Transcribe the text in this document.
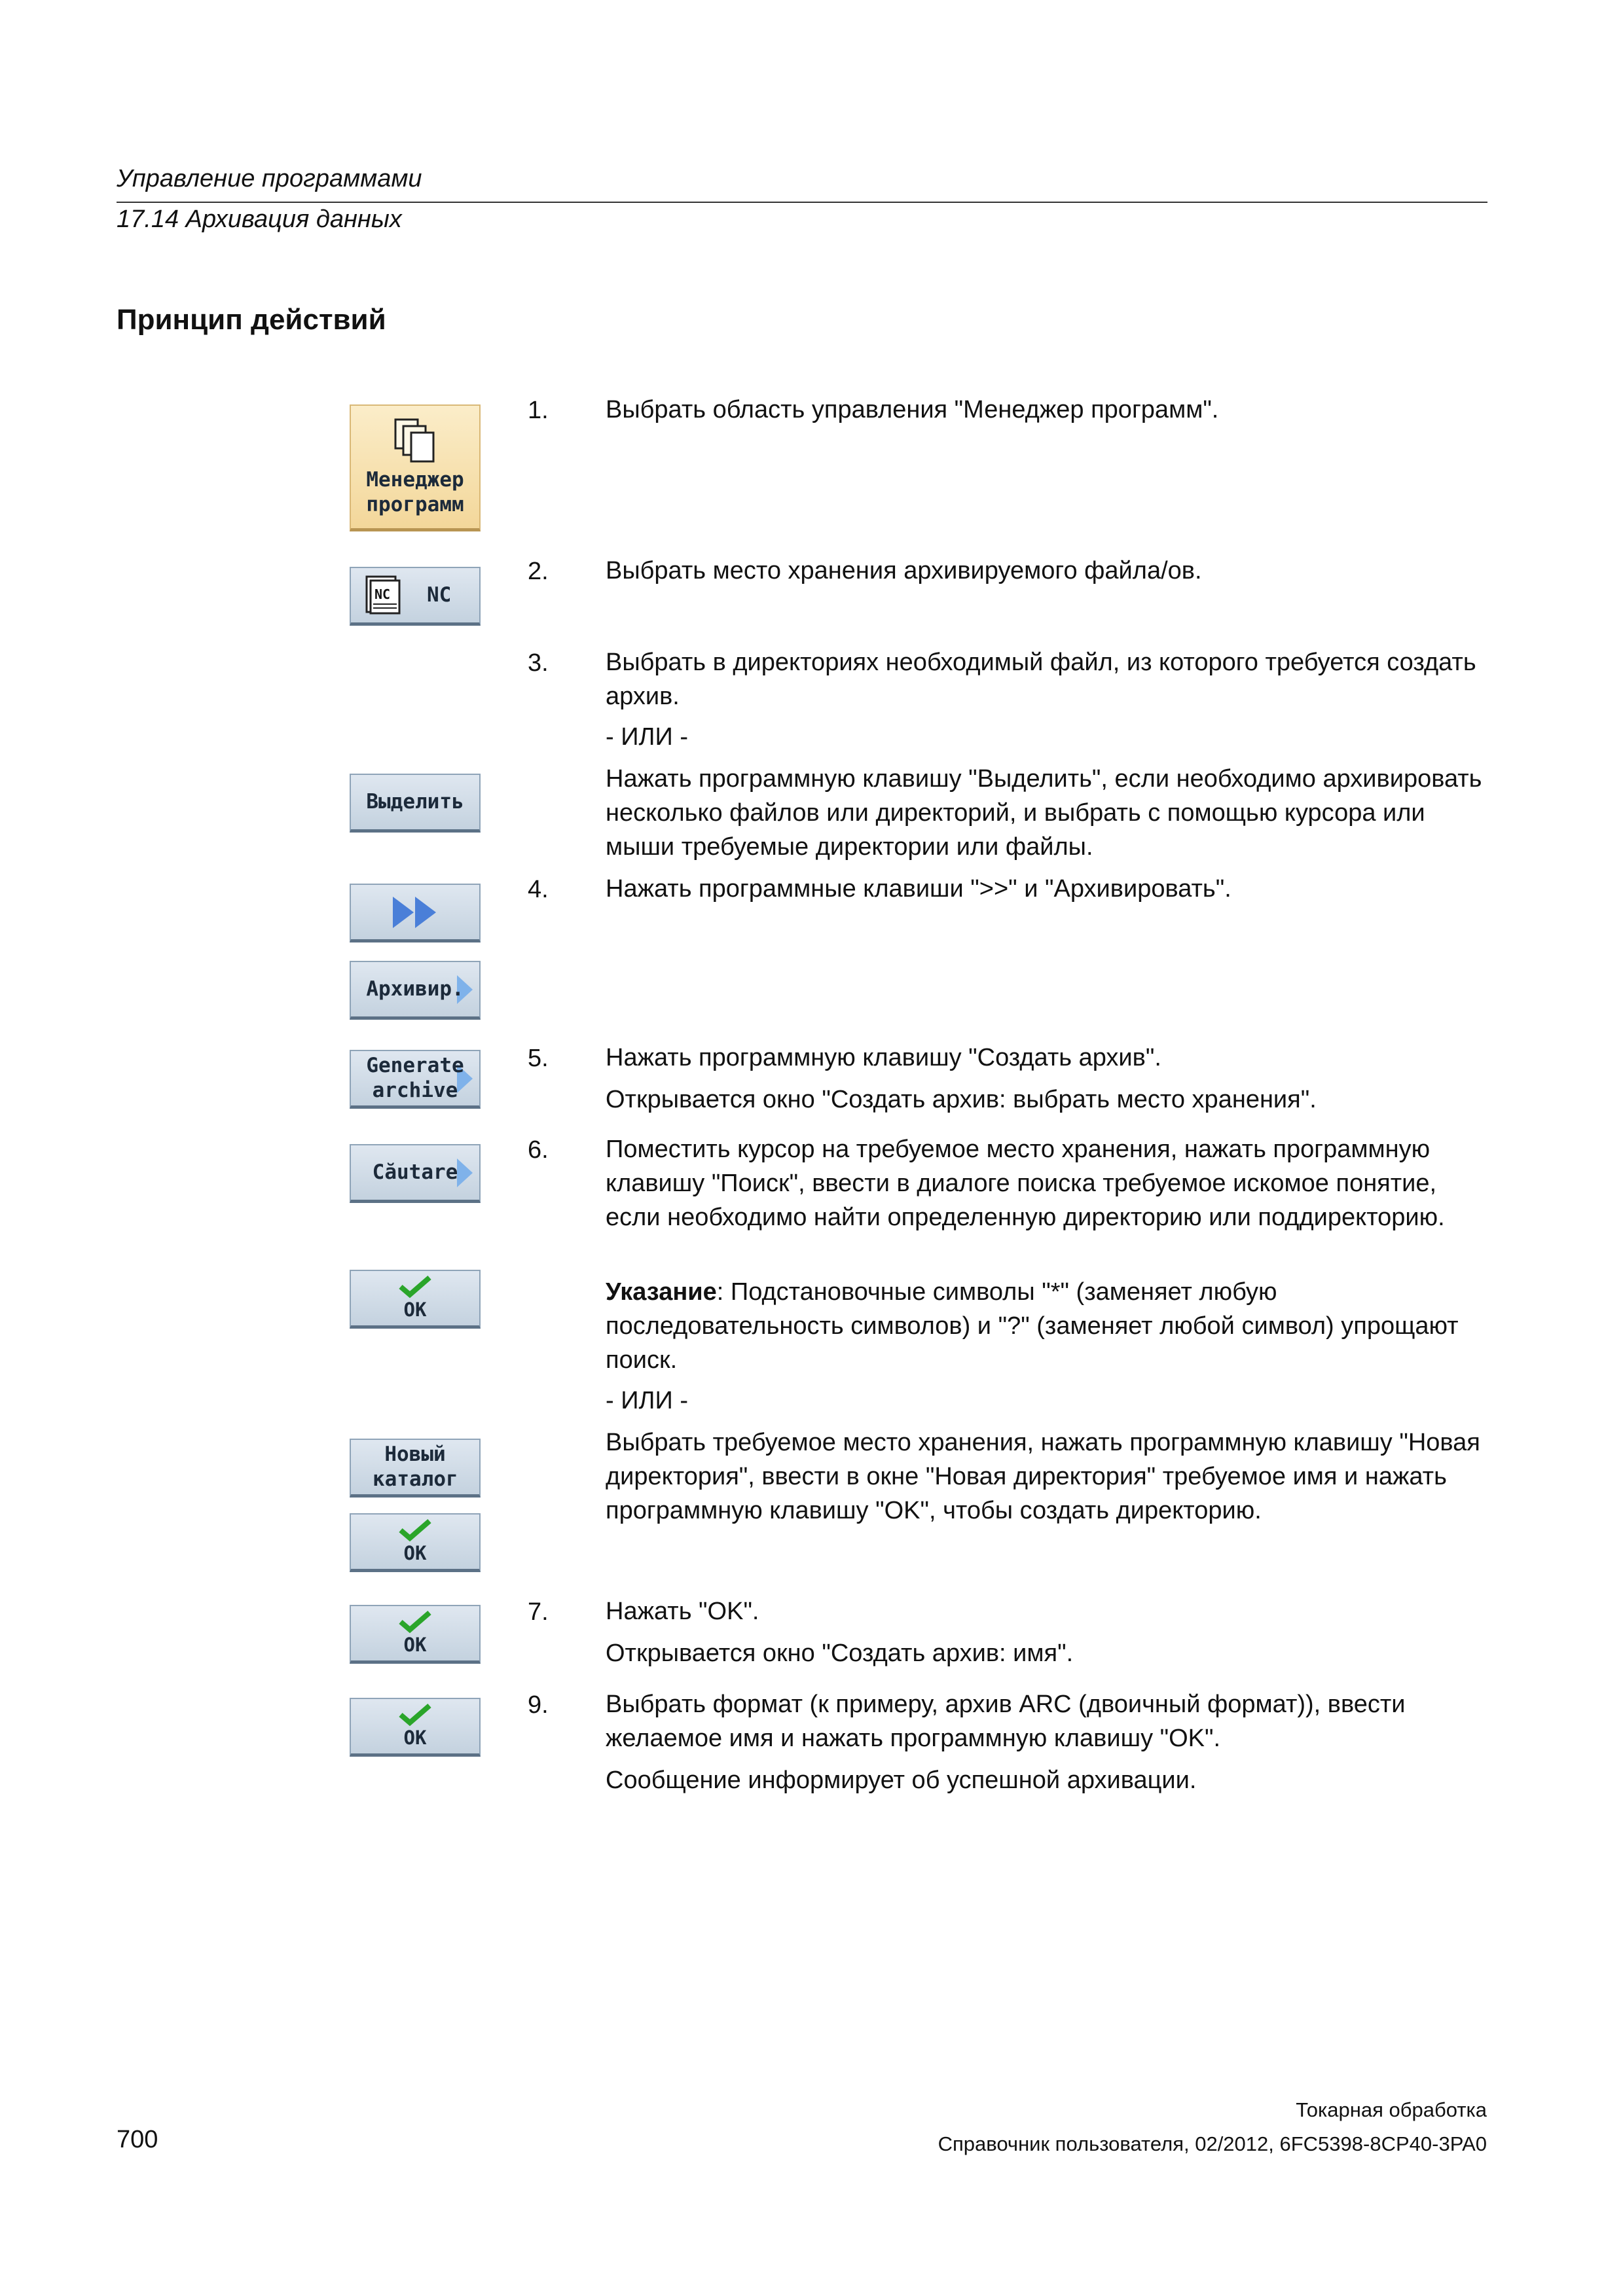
Управление программами
17.14 Архивация данных
Принцип действий
Менеджер программ
NC NC
Выделить
Архивир.
Generate archive
Căutare
OK
Новый каталог
OK
OK
OK
1.
2.
3.
4.
5.
6.
7.
9.

Выбрать область управления "Менеджер программ".

Выбрать место хранения архивируемого файла/ов.

Выбрать в директориях необходимый файл, из которого требуется создать архив.

- ИЛИ -

Нажать программную клавишу "Выделить", если необходимо архивировать несколько файлов или директорий, и выбрать с помощью курсора или мыши требуемые директории или файлы.

Нажать программные клавиши ">>" и "Архивировать".

Нажать программную клавишу "Создать архив".

Открывается окно "Создать архив: выбрать место хранения".

Поместить курсор на требуемое место хранения, нажать программную клавишу "Поиск", ввести в диалоге поиска требуемое искомое понятие, если необходимо найти определенную директорию или поддиректорию.

Указание: Подстановочные символы "*" (заменяет любую последовательность символов) и "?" (заменяет любой символ) упрощают поиск.

- ИЛИ -

Выбрать требуемое место хранения, нажать программную клавишу "Новая директория", ввести в окне "Новая директория" требуемое имя и нажать программную клавишу "OK", чтобы создать директорию.

Нажать "OK".

Открывается окно "Создать архив: имя".

Выбрать формат (к примеру, архив ARC (двоичный формат)), ввести желаемое имя и нажать программную клавишу "OK".

Сообщение информирует об успешной архивации.

Токарная обработка
700	Справочник пользователя, 02/2012, 6FC5398-8CP40-3PA0
